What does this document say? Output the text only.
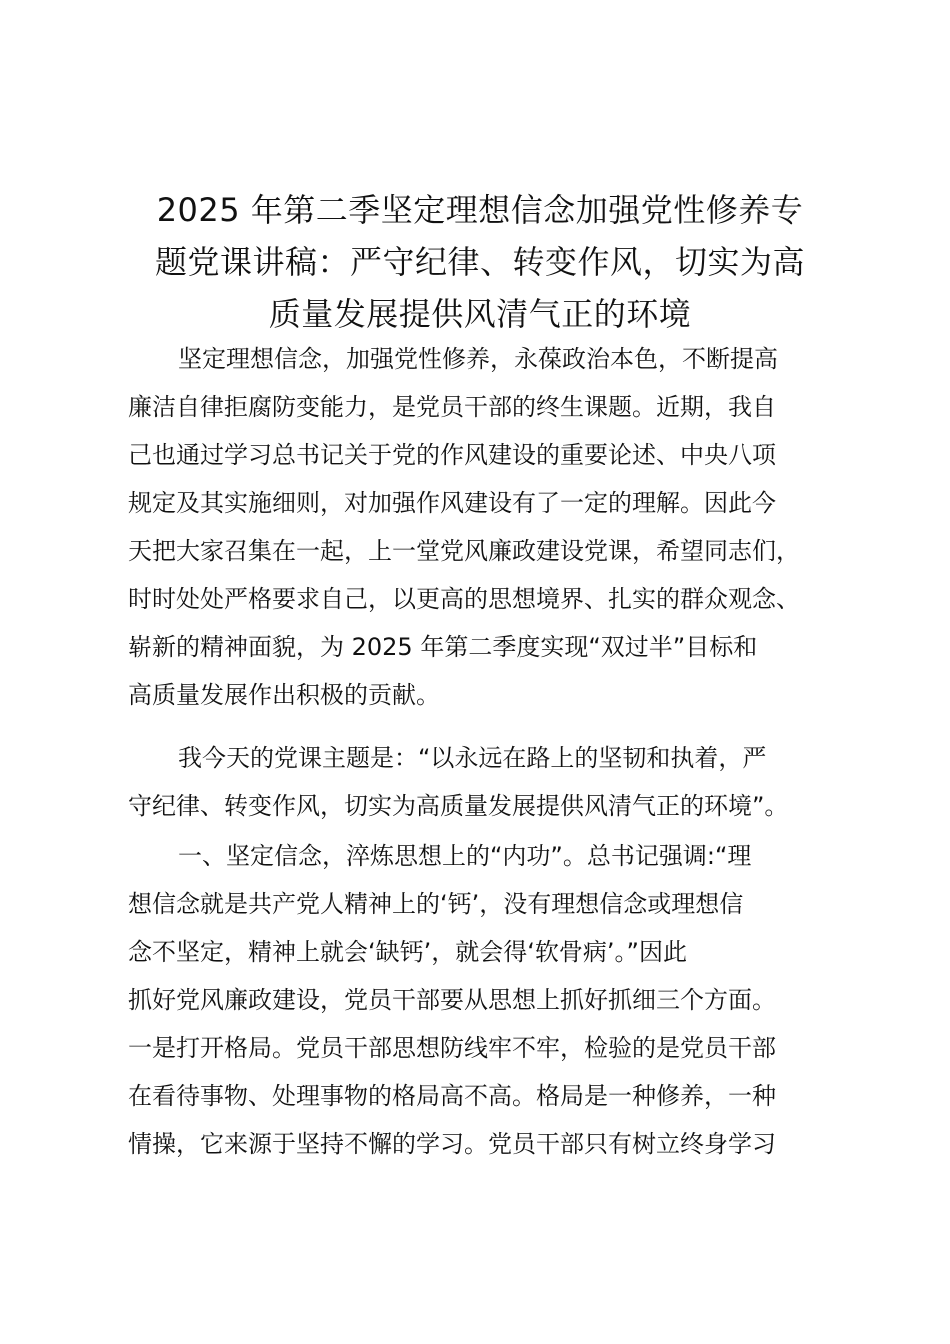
2025 年第二季坚定理想信念加强党性修养专
题党课讲稿：严守纪律、转变作风，切实为高
质量发展提供风清气正的环境
坚定理想信念，加强党性修养，永葆政治本色，不断提高
廉洁自律拒腐防变能力，是党员干部的终生课题。近期，我自
己也通过学习总书记关于党的作风建设的重要论述、中央八项
规定及其实施细则，对加强作风建设有了一定的理解。因此今
天把大家召集在一起，上一堂党风廉政建设党课，希望同志们，
时时处处严格要求自己，以更高的思想境界、扎实的群众观念、
崭新的精神面貌，为 2025 年第二季度实现“双过半”目标和
高质量发展作出积极的贡献。
我今天的党课主题是：“以永远在路上的坚韧和执着，严
守纪律、转变作风，切实为高质量发展提供风清气正的环境”。
一、坚定信念，淬炼思想上的“内功”。总书记强调:“理
想信念就是共产党人精神上的‘钙’，没有理想信念或理想信
念不坚定，精神上就会‘缺钙’，就会得‘软骨病’。”因此
抓好党风廉政建设，党员干部要从思想上抓好抓细三个方面。
一是打开格局。党员干部思想防线牢不牢，检验的是党员干部
在看待事物、处理事物的格局高不高。格局是一种修养，一种
情操，它来源于坚持不懈的学习。党员干部只有树立终身学习
